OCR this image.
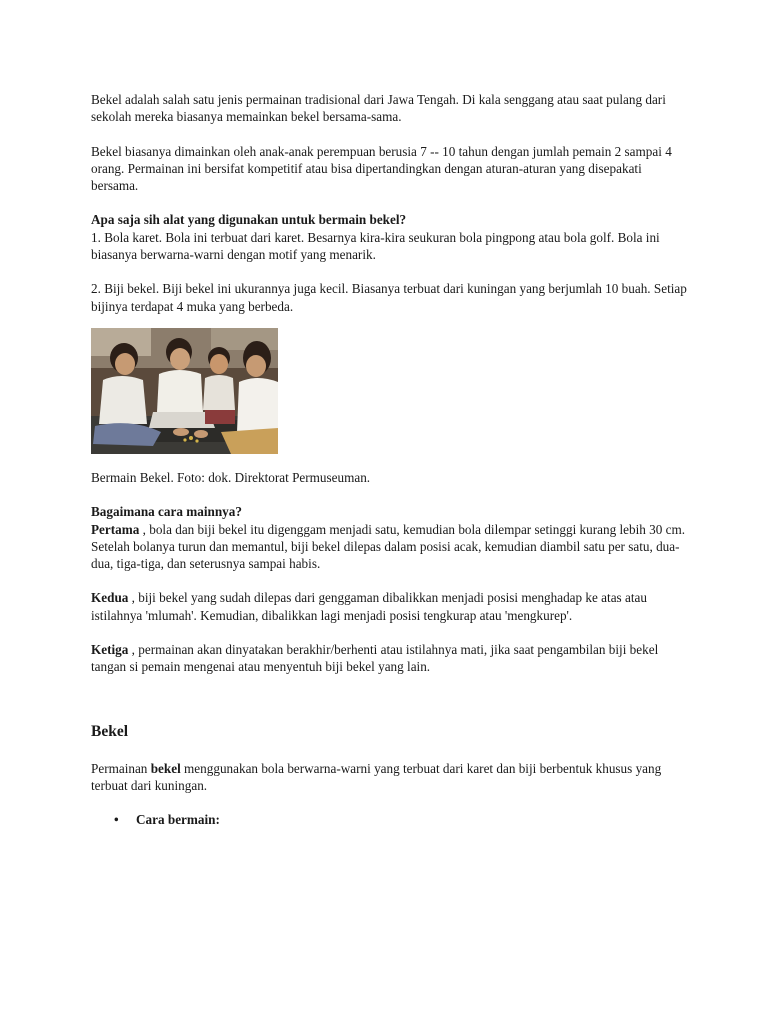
Bekel adalah salah satu jenis permainan tradisional dari Jawa Tengah. Di kala senggang atau saat pulang dari sekolah mereka biasanya memainkan bekel bersama-sama.

Bekel biasanya dimainkan oleh anak-anak perempuan berusia 7 -- 10 tahun dengan jumlah pemain 2 sampai 4 orang. Permainan ini bersifat kompetitif atau bisa dipertandingkan dengan aturan-aturan yang disepakati bersama.

Apa saja sih alat yang digunakan untuk bermain bekel?

1. Bola karet. Bola ini terbuat dari karet. Besarnya kira-kira seukuran bola pingpong atau bola golf. Bola ini biasanya berwarna-warni dengan motif yang menarik.

2. Biji bekel. Biji bekel ini ukurannya juga kecil. Biasanya terbuat dari kuningan yang berjumlah 10 buah. Setiap bijinya terdapat 4 muka yang berbeda.

Bermain Bekel. Foto: dok. Direktorat Permuseuman.

Bagaimana cara mainnya?

Pertama , bola dan biji bekel itu digenggam menjadi satu, kemudian bola dilempar setinggi kurang lebih 30 cm. Setelah bolanya turun dan memantul, biji bekel dilepas dalam posisi acak, kemudian diambil satu per satu, dua-dua, tiga-tiga, dan seterusnya sampai habis.

Kedua , biji bekel yang sudah dilepas dari genggaman dibalikkan menjadi posisi menghadap ke atas atau istilahnya 'mlumah'. Kemudian, dibalikkan lagi menjadi posisi tengkurap atau 'mengkurep'.

Ketiga , permainan akan dinyatakan berakhir/berhenti atau istilahnya mati, jika saat pengambilan biji bekel tangan si pemain mengenai atau menyentuh biji bekel yang lain.

Bekel

Permainan bekel menggunakan bola berwarna-warni yang terbuat dari karet dan biji berbentuk khusus yang terbuat dari kuningan.

• Cara bermain:
